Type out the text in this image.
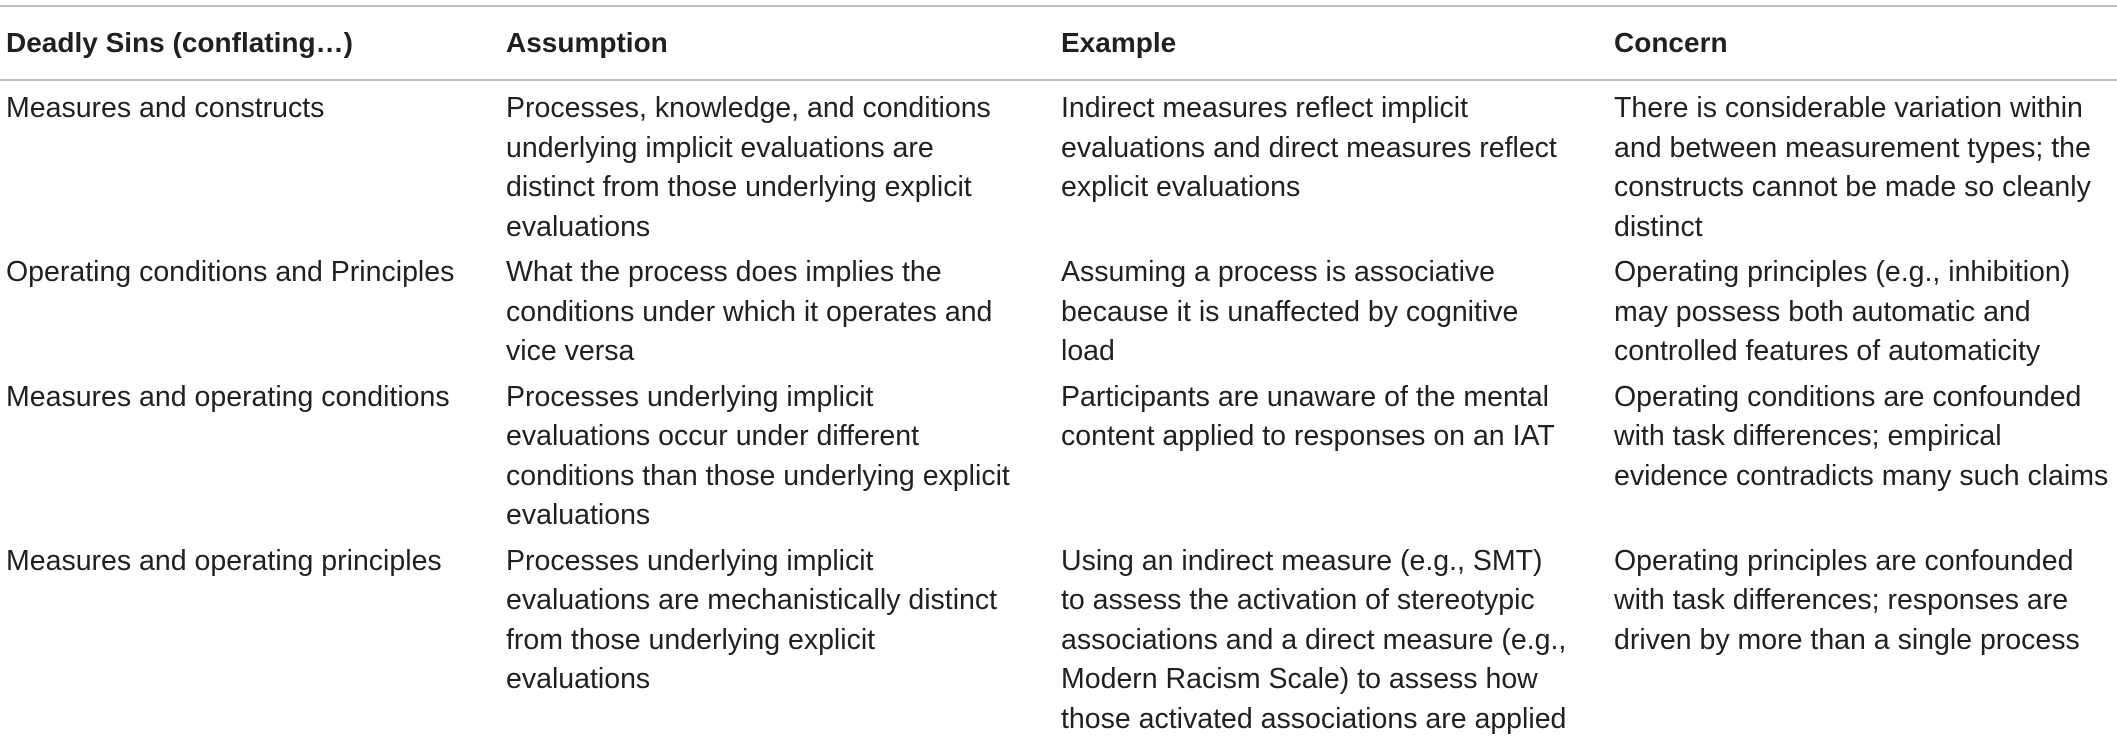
Deadly Sins (conflating…)	Assumption	Example	Concern
Measures and constructs	Processes, knowledge, and conditions underlying implicit evaluations are distinct from those underlying explicit evaluations	Indirect measures reflect implicit evaluations and direct measures reflect explicit evaluations	There is considerable variation within and between measurement types; the constructs cannot be made so cleanly distinct
Operating conditions and Principles	What the process does implies the conditions under which it operates and vice versa	Assuming a process is associative because it is unaffected by cognitive load	Operating principles (e.g., inhibition) may possess both automatic and controlled features of automaticity
Measures and operating conditions	Processes underlying implicit evaluations occur under different conditions than those underlying explicit evaluations	Participants are unaware of the mental content applied to responses on an IAT	Operating conditions are confounded with task differences; empirical evidence contradicts many such claims
Measures and operating principles	Processes underlying implicit evaluations are mechanistically distinct from those underlying explicit evaluations	Using an indirect measure (e.g., SMT) to assess the activation of stereotypic associations and a direct measure (e.g., Modern Racism Scale) to assess how those activated associations are applied	Operating principles are confounded with task differences; responses are driven by more than a single process
